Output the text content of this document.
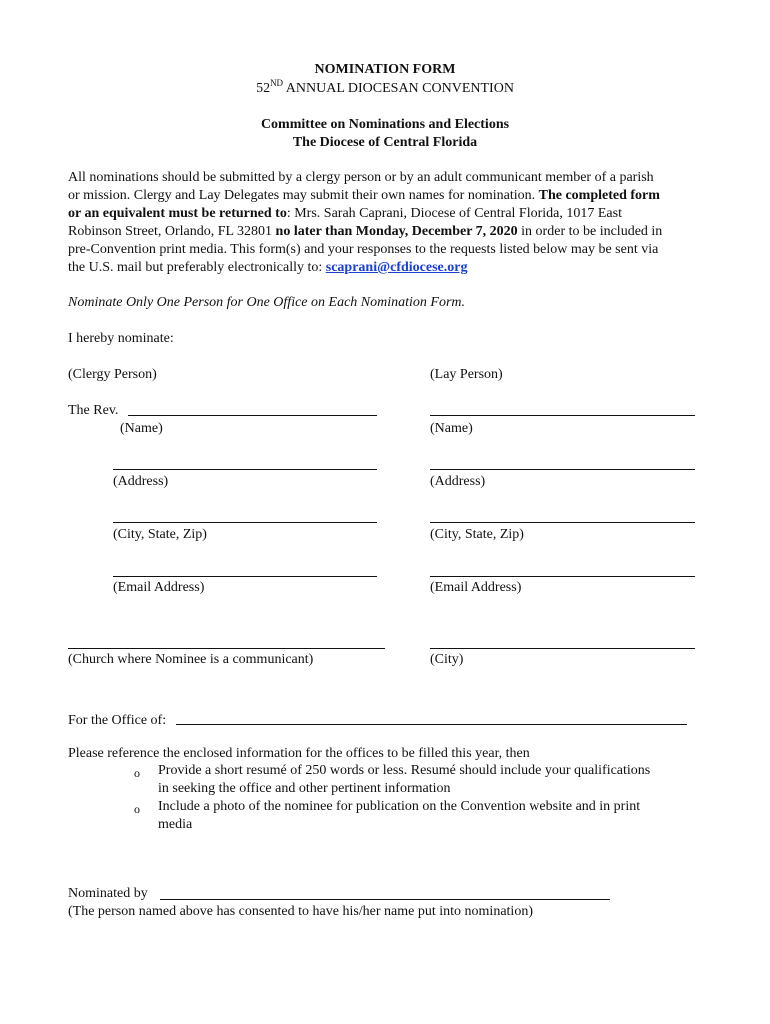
NOMINATION FORM
52ND ANNUAL DIOCESAN CONVENTION
Committee on Nominations and Elections
The Diocese of Central Florida
All nominations should be submitted by a clergy person or by an adult communicant member of a parish
or mission. Clergy and Lay Delegates may submit their own names for nomination. The completed form
or an equivalent must be returned to: Mrs. Sarah Caprani, Diocese of Central Florida, 1017 East
Robinson Street, Orlando, FL 32801 no later than Monday, December 7, 2020 in order to be included in
pre-Convention print media. This form(s) and your responses to the requests listed below may be sent via
the U.S. mail but preferably electronically to: scaprani@cfdiocese.org
Nominate Only One Person for One Office on Each Nomination Form.
I hereby nominate:
(Clergy Person)	(Lay Person)
The Rev.
(Name)	(Name)
(Address)	(Address)
(City, State, Zip)	(City, State, Zip)
(Email Address)	(Email Address)
(Church where Nominee is a communicant)	(City)
For the Office of:
Please reference the enclosed information for the offices to be filled this year, then
o Provide a short resumé of 250 words or less. Resumé should include your qualifications
in seeking the office and other pertinent information
o Include a photo of the nominee for publication on the Convention website and in print
media
Nominated by
(The person named above has consented to have his/her name put into nomination)
